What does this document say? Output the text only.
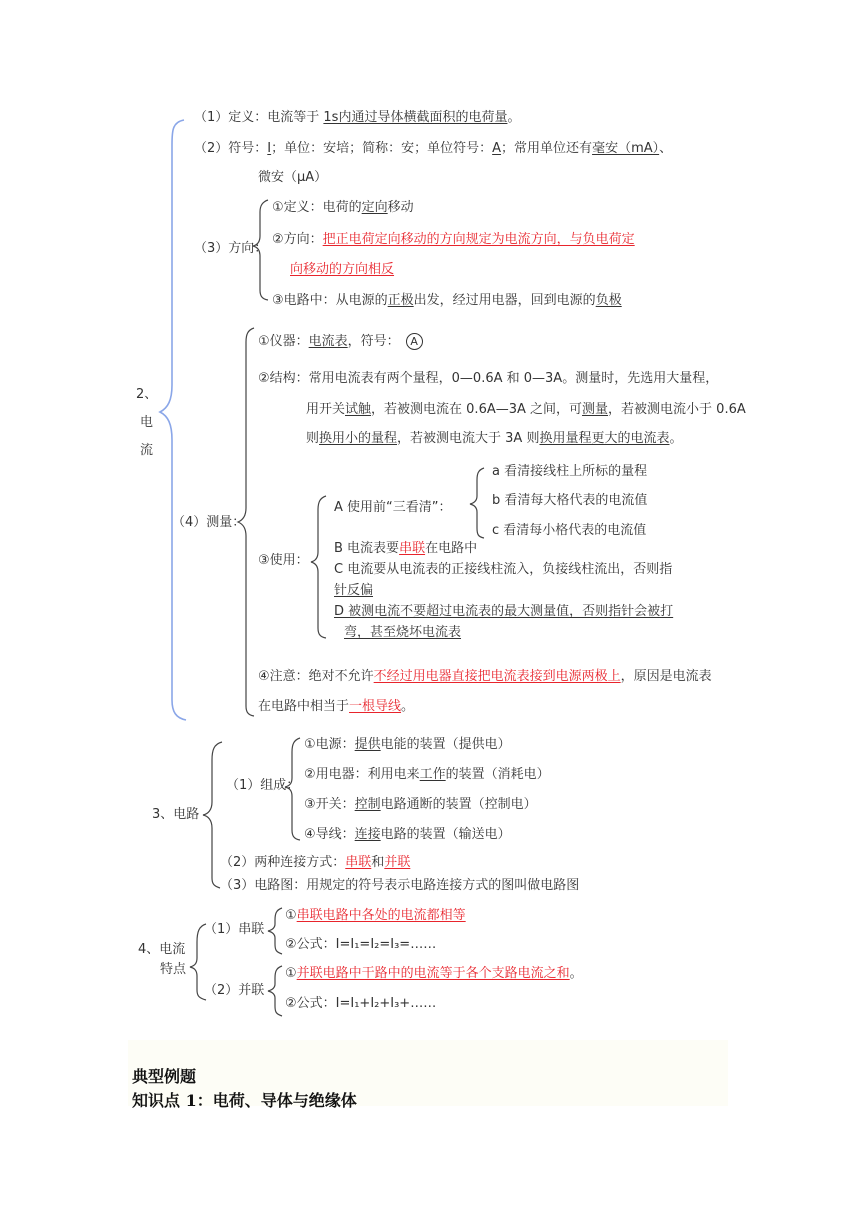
2、
电
流
（1）定义：电流等于 1s内通过导体横截面积的电荷量。
（2）符号：I；单位：安培；简称：安；单位符号：A；常用单位还有毫安（mA）、
微安（μA）
（3）方向：
①定义：电荷的定向移动
②方向：把正电荷定向移动的方向规定为电流方向，与负电荷定
向移动的方向相反
③电路中：从电源的正极出发，经过用电器，回到电源的负极
（4）测量：
①仪器：电流表，符号： A
②结构：常用电流表有两个量程，0—0.6A 和 0—3A。测量时，先选用大量程，
用开关试触，若被测电流在 0.6A—3A 之间，可测量，若被测电流小于 0.6A
则换用小的量程，若被测电流大于 3A 则换用量程更大的电流表。
③使用：
A 使用前“三看清”：
a 看清接线柱上所标的量程
b 看清每大格代表的电流值
c 看清每小格代表的电流值
B 电流表要串联在电路中
C 电流要从电流表的正接线柱流入，负接线柱流出，否则指
针反偏
D 被测电流不要超过电流表的最大测量值，否则指针会被打
弯，甚至烧坏电流表
④注意：绝对不允许不经过用电器直接把电流表接到电源两极上，原因是电流表
在电路中相当于一根导线。
3、电路
（1）组成：
①电源：提供电能的装置（提供电）
②用电器：利用电来工作的装置（消耗电）
③开关：控制电路通断的装置（控制电）
④导线：连接电路的装置（输送电）
（2）两种连接方式：串联和并联
（3）电路图：用规定的符号表示电路连接方式的图叫做电路图
4、电流
特点
（1）串联
①串联电路中各处的电流都相等
②公式：I=I₁=I₂=I₃=……
（2）并联
①并联电路中干路中的电流等于各个支路电流之和。
②公式：I=I₁+I₂+I₃+……
典型例题
知识点 1：电荷、导体与绝缘体
